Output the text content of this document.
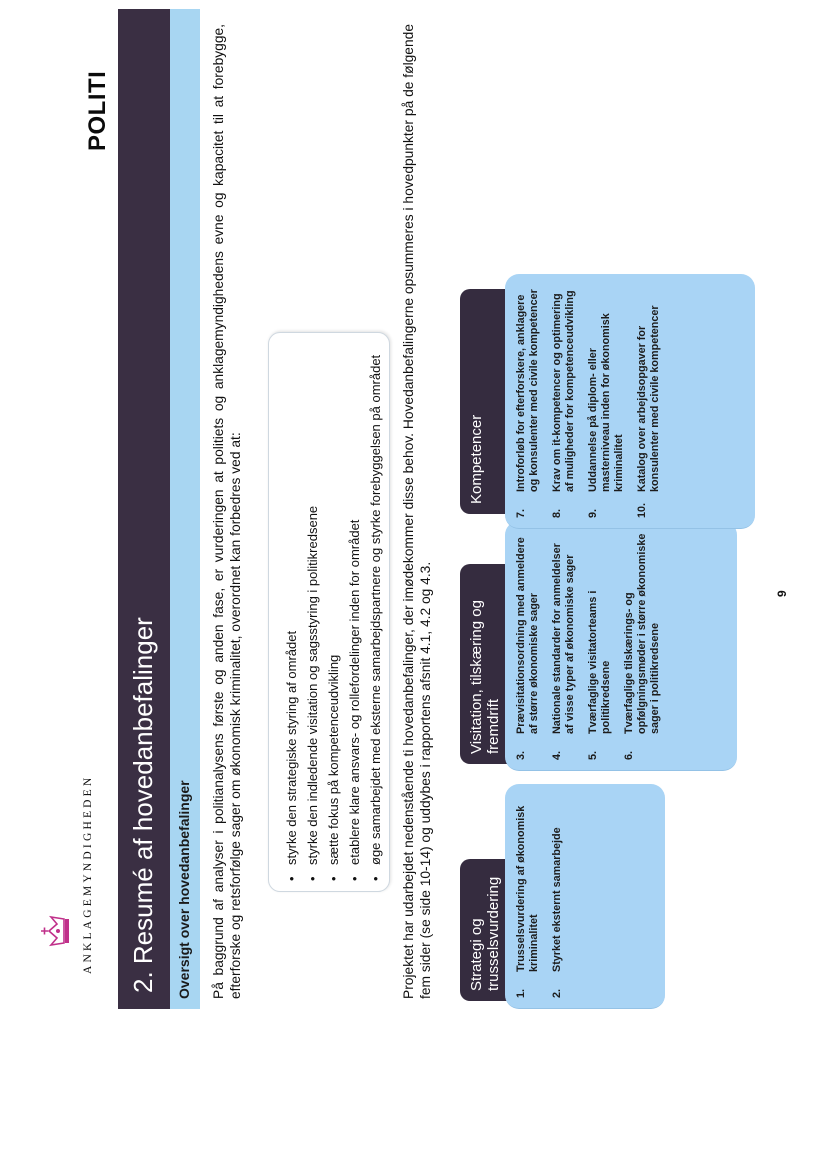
ANKLAGEMYNDIGHEDEN
POLITI
2. Resumé af hovedanbefalinger	Oversigt over hovedanbefalinger	På baggrund af analyser i politianalysens første og anden fase, er vurderingen at politiets og anklagemyndighedens evne og kapacitet til at forebygge, efterforske og retsforfølge sager om økonomisk kriminalitet, overordnet kan forbedres ved at:	• styrke den strategiske styring af området • styrke den indledende visitation og sagsstyring i politikredsene • sætte fokus på kompetenceudvikling • etablere klare ansvars- og rollefordelinger inden for området • øge samarbejdet med eksterne samarbejdspartnere og styrke forebyggelsen på området Projektet har udarbejdet nedenstående ti hovedanbefalinger, der imødekommer disse behov. Hovedanbefalingerne opsummeres i hovedpunkter på de følgende fem sider (se side 10-14) og uddybes i rapportens afsnit 4.1, 4.2 og 4.3.	Strategi og trusselsvurdering
1.
Trusselsvurdering af økonomisk kriminalitet
2.
Styrket eksternt samarbejde
Visitation, tilskæring og fremdrift
3.
Prævisitationsordning med anmeldere af større økonomiske sager
4.
Nationale standarder for anmeldelser af visse typer af økonomiske sager
5.
Tværfaglige visitatorteams i politikredsene
6.
Tværfaglige tilskærings- og opfølgningsmøder i større økonomiske sager i politikredsene
Kompetencer
7.
Introforløb for efterforskere, anklagere og konsulenter med civile kompetencer
8.
Krav om it-kompetencer og optimering af muligheder for kompetenceudvikling
9.
Uddannelse på diplom- eller masterniveau inden for økonomisk kriminalitet
10.
Katalog over arbejdsopgaver for konsulenter med civile kompetencer
9
